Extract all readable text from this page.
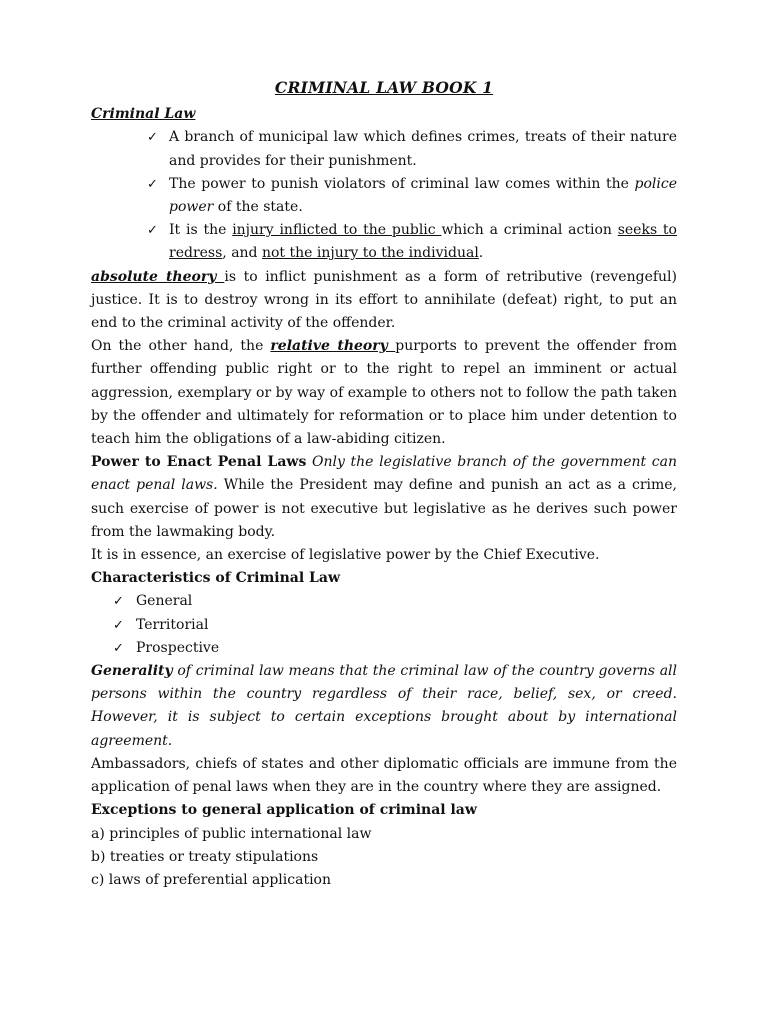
CRIMINAL LAW BOOK 1
Criminal Law
✓ A branch of municipal law which defines crimes, treats of their nature and provides for their punishment.
✓ The power to punish violators of criminal law comes within the police power of the state.
✓ It is the injury inflicted to the public which a criminal action seeks to redress, and not the injury to the individual.

absolute theory is to inflict punishment as a form of retributive (revengeful) justice. It is to destroy wrong in its effort to annihilate (defeat) right, to put an end to the criminal activity of the offender.

On the other hand, the relative theory purports to prevent the offender from further offending public right or to the right to repel an imminent or actual aggression, exemplary or by way of example to others not to follow the path taken by the offender and ultimately for reformation or to place him under detention to teach him the obligations of a law-abiding citizen.

Power to Enact Penal Laws Only the legislative branch of the government can enact penal laws. While the President may define and punish an act as a crime, such exercise of power is not executive but legislative as he derives such power from the lawmaking body.

It is in essence, an exercise of legislative power by the Chief Executive.

Characteristics of Criminal Law
✓ General
✓ Territorial
✓ Prospective

Generality of criminal law means that the criminal law of the country governs all persons within the country regardless of their race, belief, sex, or creed. However, it is subject to certain exceptions brought about by international agreement.

Ambassadors, chiefs of states and other diplomatic officials are immune from the application of penal laws when they are in the country where they are assigned.

Exceptions to general application of criminal law
a) principles of public international law
b) treaties or treaty stipulations
c) laws of preferential application
